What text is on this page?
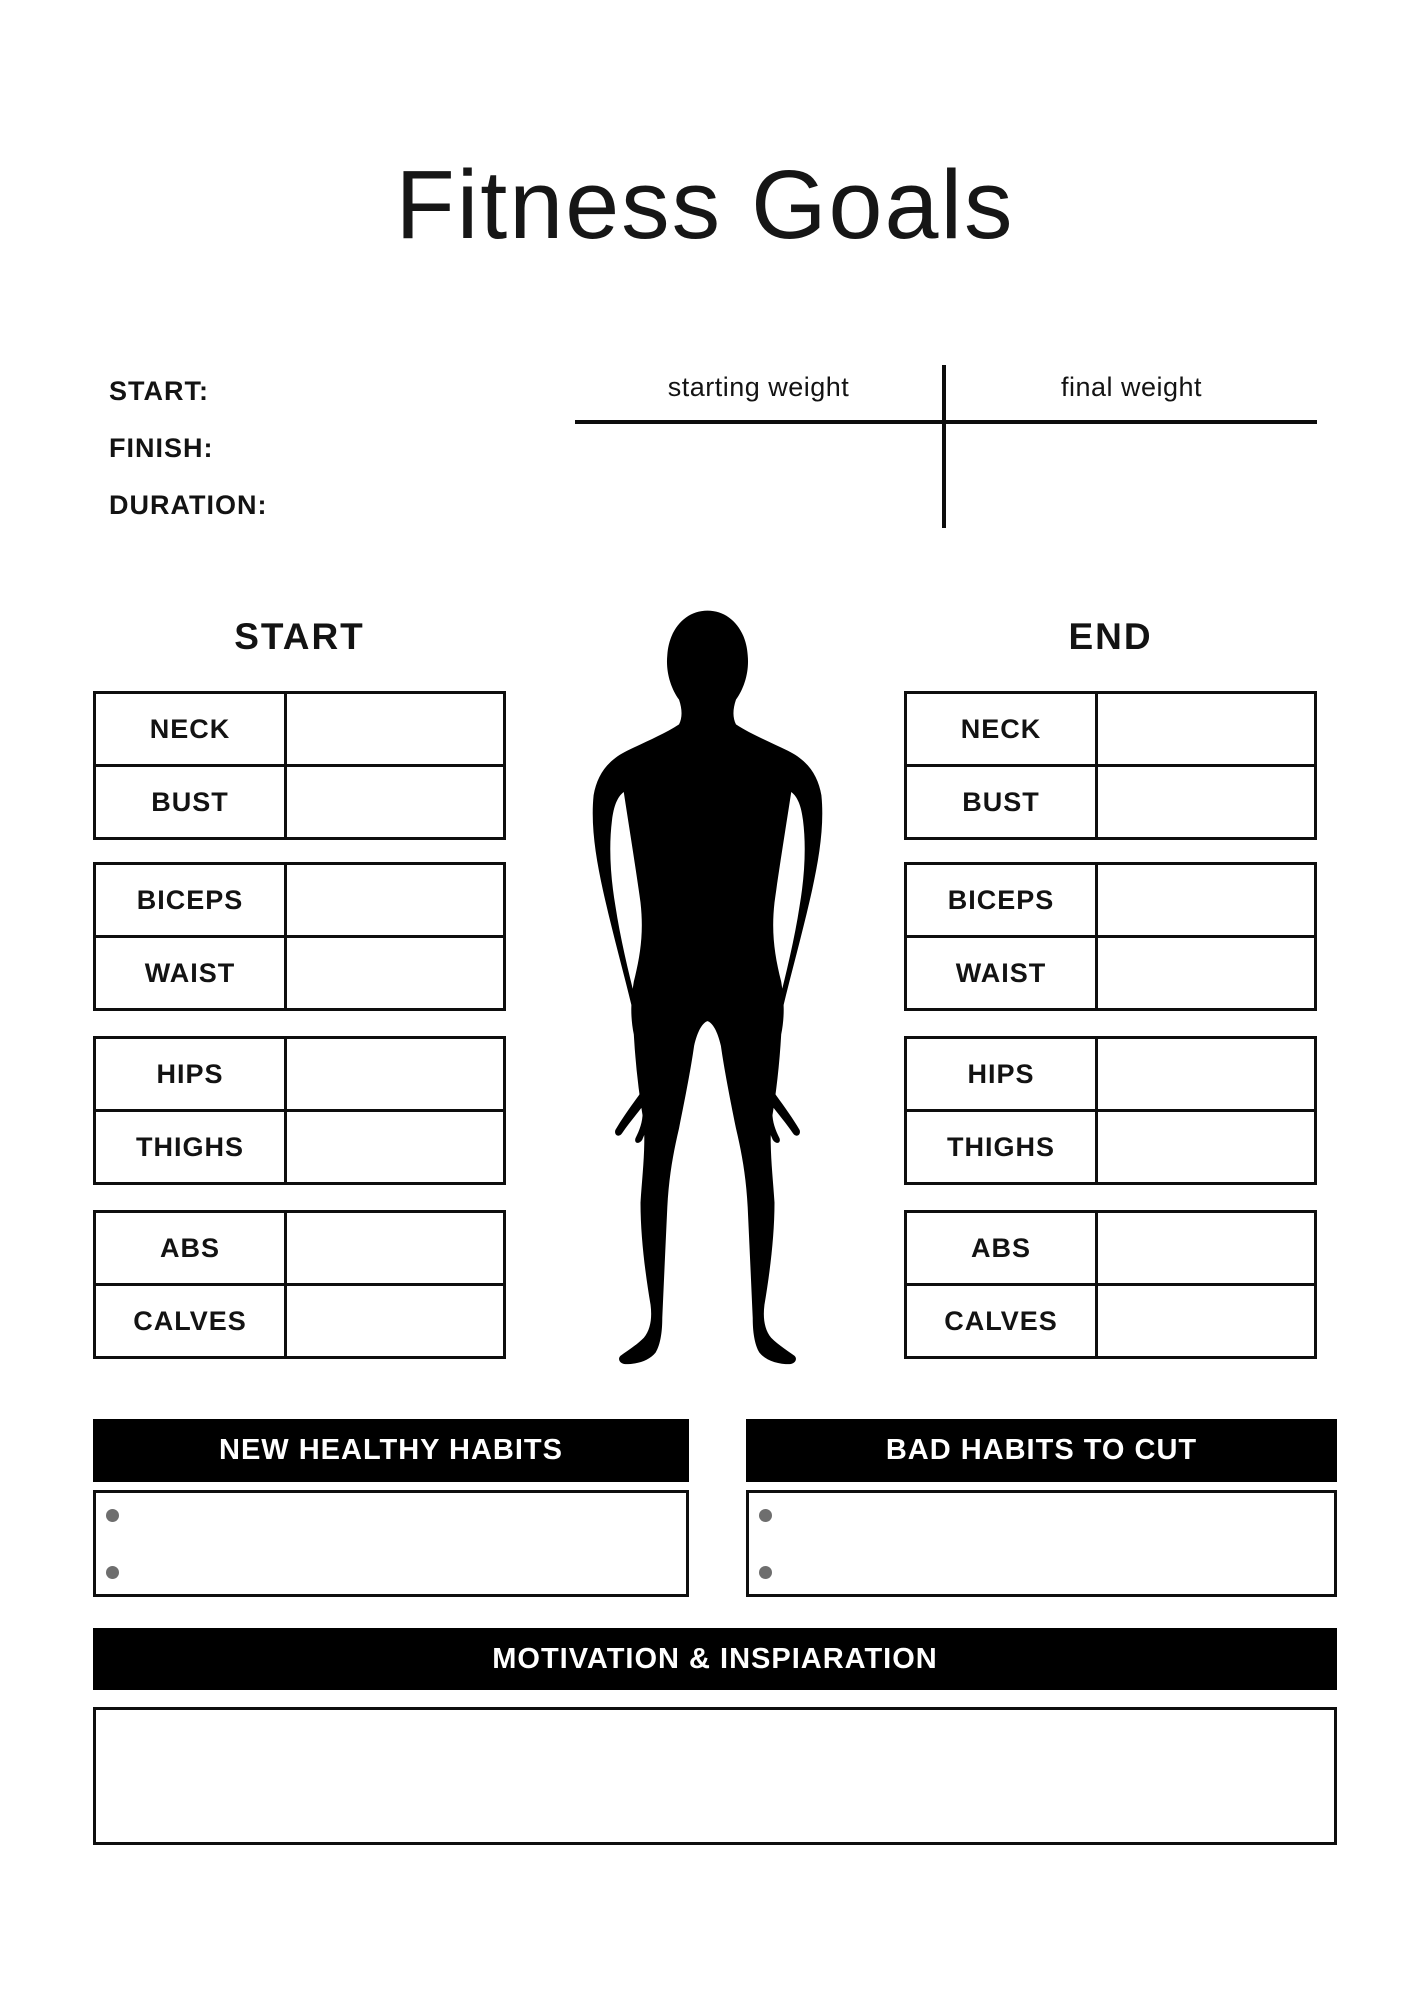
Fitness Goals
START:
FINISH:
DURATION:
starting weight	final weight
START	END
NECK
BUST
BICEPS
WAIST
HIPS
THIGHS
ABS
CALVES
NECK
BUST
BICEPS
WAIST
HIPS
THIGHS
ABS
CALVES
NEW HEALTHY HABITS	BAD HABITS TO CUT
MOTIVATION & INSPIARATION
